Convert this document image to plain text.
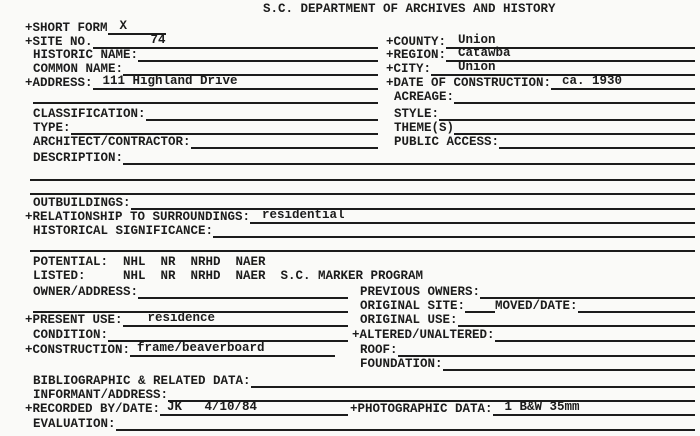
S.C. DEPARTMENT OF ARCHIVES AND HISTORY
+SHORT FORM X
+SITE NO.	74	+COUNTY: Union
HISTORIC NAME:	+REGION: Catawba
COMMON NAME:	+CITY:	Union
+ADDRESS: 111 Highland Drive	+DATE OF CONSTRUCTION: ca. 1930
ACREAGE:
CLASSIFICATION:	STYLE:
TYPE:	THEME(S)
ARCHITECT/CONTRACTOR:	PUBLIC ACCESS:
DESCRIPTION:
OUTBUILDINGS:
+RELATIONSHIP TO SURROUNDINGS: residential
HISTORICAL SIGNIFICANCE:
POTENTIAL:	NHL  NR  NRHD  NAER
LISTED:	NHL  NR  NRHD  NAER  S.C. MARKER PROGRAM
OWNER/ADDRESS:	PREVIOUS OWNERS:
ORIGINAL SITE: MOVED/DATE:
+PRESENT USE:	residence	ORIGINAL USE:
CONDITION:	+ALTERED/UNALTERED:
+CONSTRUCTION: frame/beaverboard	ROOF:
FOUNDATION:
BIBLIOGRAPHIC & RELATED DATA:
INFORMANT/ADDRESS:
+RECORDED BY/DATE: JK   4/10/84	+PHOTOGRAPHIC DATA: 1 B&W 35mm
EVALUATION:
